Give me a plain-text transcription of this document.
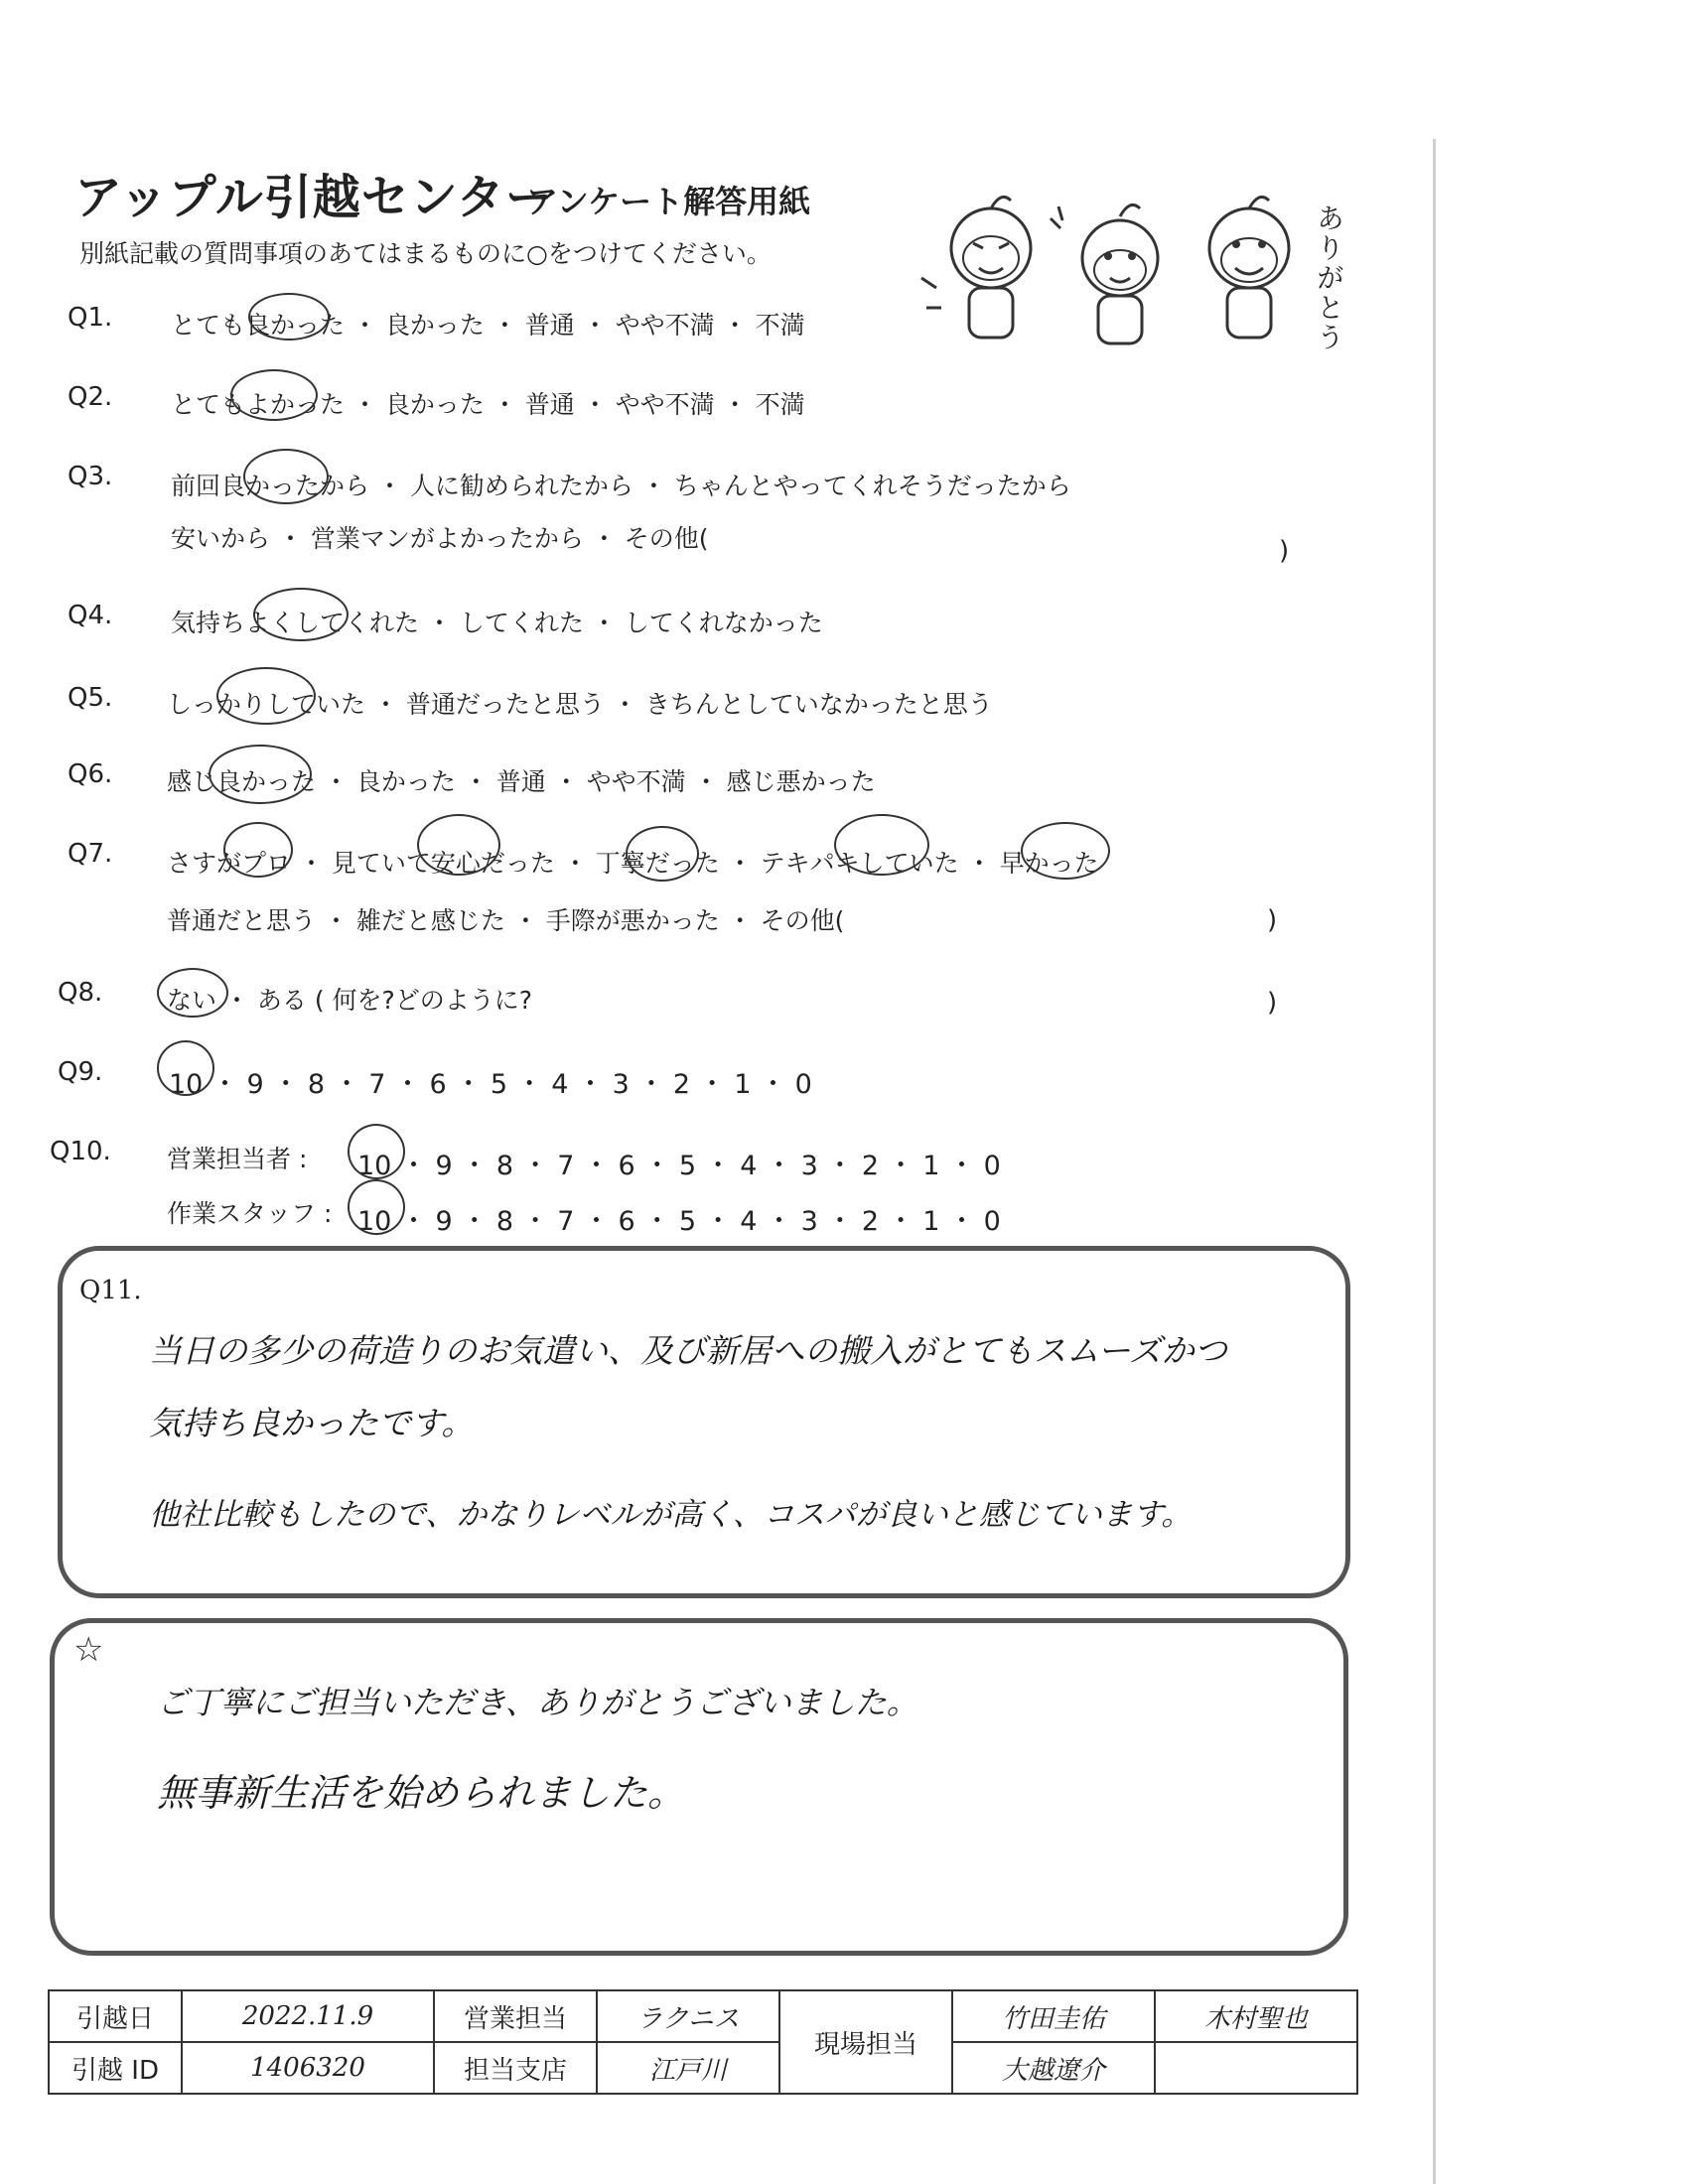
アップル引越センター
アンケート解答用紙
別紙記載の質問事項のあてはまるものに○をつけてください。	ありがとう
Q1. とても良かった ・ 良かった ・ 普通 ・ やや不満 ・ 不満
Q2. とてもよかった ・ 良かった ・ 普通 ・ やや不満 ・ 不満
Q3. 前回良かったから ・ 人に勧められたから ・ ちゃんとやってくれそうだったから
安いから ・ 営業マンがよかったから ・ その他(	)
Q4. 気持ちよくしてくれた ・ してくれた ・ してくれなかった
Q5. しっかりしていた ・ 普通だったと思う ・ きちんとしていなかったと思う
Q6. 感じ良かった ・ 良かった ・ 普通 ・ やや不満 ・ 感じ悪かった
Q7. さすがプロ ・ 見ていて安心だった ・ 丁寧だった ・ テキパキしていた ・ 早かった
普通だと思う ・ 雑だと感じた ・ 手際が悪かった ・ その他(	)
Q8.	ない ・ ある ( 何を?どのように?	)
Q9. 10 ・ 9 ・ 8 ・ 7 ・ 6 ・ 5 ・ 4 ・ 3 ・ 2 ・ 1 ・ 0
Q10. 営業担当者 : 10 ・ 9 ・ 8 ・ 7 ・ 6 ・ 5 ・ 4 ・ 3 ・ 2 ・ 1 ・ 0
作業スタッフ : 10 ・ 9 ・ 8 ・ 7 ・ 6 ・ 5 ・ 4 ・ 3 ・ 2 ・ 1 ・ 0
Q11.
当日の多少の荷造りのお気遣い、及び新居への搬入がとてもスムーズかつ
気持ち良かったです。
他社比較もしたので、かなりレベルが高く、コスパが良いと感じています。
☆
ご丁寧にご担当いただき、ありがとうございました。
無事新生活を始められました。
引越日	2022.11.9	営業担当	ラクニス	現場担当	竹田圭佑	木村聖也
引越 ID	1406320	担当支店	江戸川		大越遼介	
